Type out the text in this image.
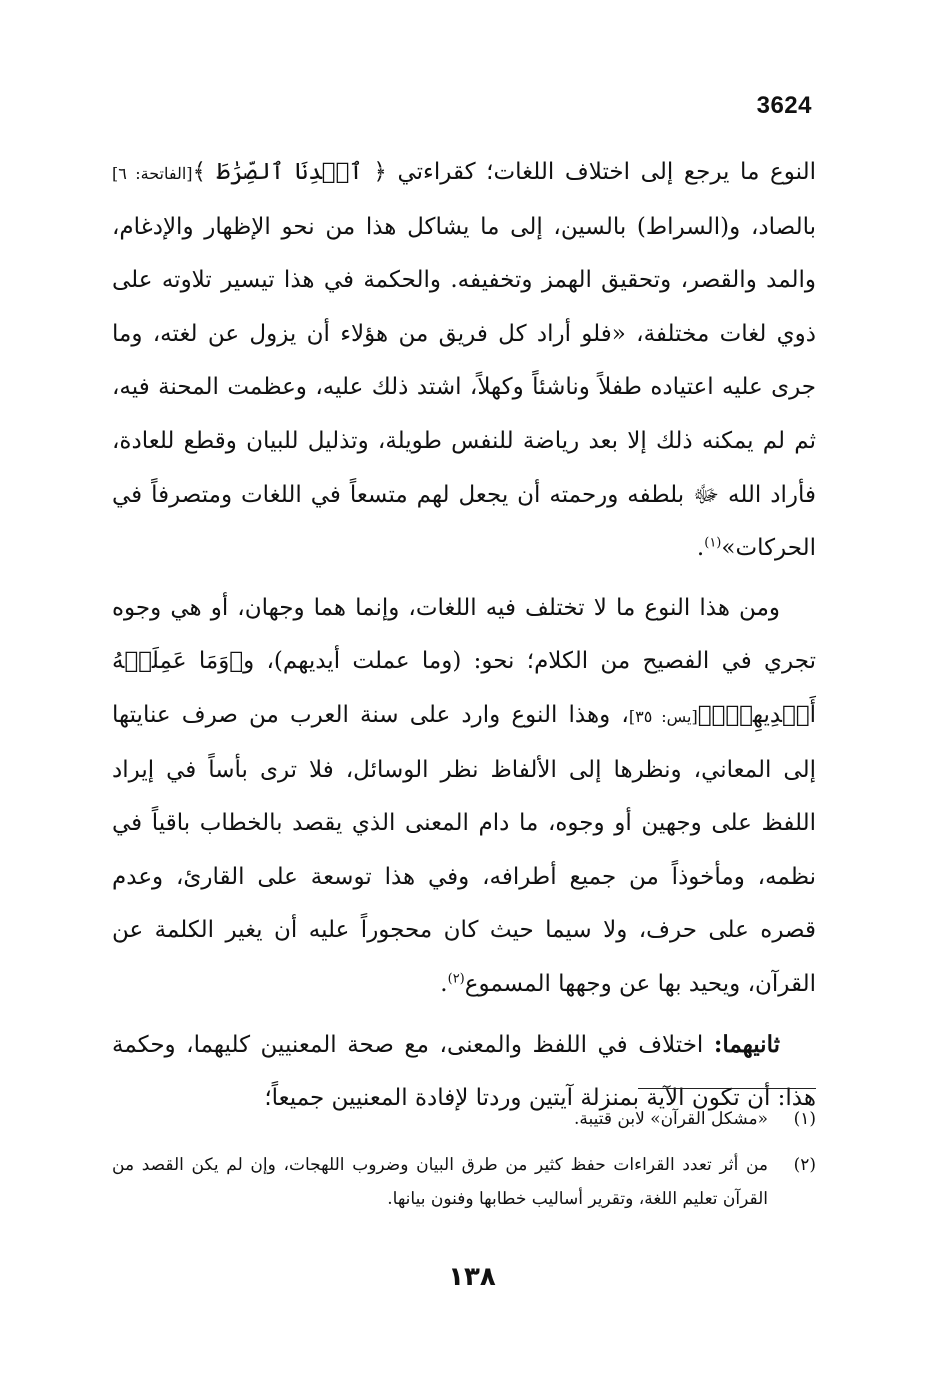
3624

النوع ما يرجع إلى اختلاف اللغات؛ كقراءتي ﴿ ٱهۡدِنَا ٱلصِّرَٰطَ ﴾[الفاتحة: ٦] بالصاد، و(السراط) بالسين، إلى ما يشاكل هذا من نحو الإظهار والإدغام، والمد والقصر، وتحقيق الهمز وتخفيفه. والحكمة في هذا تيسير تلاوته على ذوي لغات مختلفة، «فلو أراد كل فريق من هؤلاء أن يزول عن لغته، وما جرى عليه اعتياده طفلاً وناشئاً وكهلاً، اشتد ذلك عليه، وعظمت المحنة فيه، ثم لم يمكنه ذلك إلا بعد رياضة للنفس طويلة، وتذليل للبيان وقطع للعادة، فأراد الله ﷻ بلطفه ورحمته أن يجعل لهم متسعاً في اللغات ومتصرفاً في الحركات»$^{(١)}$.

ومن هذا النوع ما لا تختلف فيه اللغات، وإنما هما وجهان، أو هي وجوه تجري في الفصيح من الكلام؛ نحو: (وما عملت أيديهم)، و﴿وَمَا عَمِلَتۡهُ أَيۡدِيهِمۡۚ﴾[يس: ٣٥]، وهذا النوع وارد على سنة العرب من صرف عنايتها إلى المعاني، ونظرها إلى الألفاظ نظر الوسائل، فلا ترى بأساً في إيراد اللفظ على وجهين أو وجوه، ما دام المعنى الذي يقصد بالخطاب باقياً في نظمه، ومأخوذاً من جميع أطرافه، وفي هذا توسعة على القارئ، وعدم قصره على حرف، ولا سيما حيث كان محجوراً عليه أن يغير الكلمة عن القرآن، ويحيد بها عن وجهها المسموع$^{(٢)}$.

ثانيهما: اختلاف في اللفظ والمعنى، مع صحة المعنيين كليهما، وحكمة هذا: أن تكون الآية بمنزلة آيتين وردتا لإفادة المعنيين جميعاً؛

(١)
«مشكل القرآن» لابن قتيبة.
(٢)
من أثر تعدد القراءات حفظ كثير من طرق البيان وضروب اللهجات، وإن لم يكن القصد من القرآن تعليم اللغة، وتقرير أساليب خطابها وفنون بيانها.
١٣٨
